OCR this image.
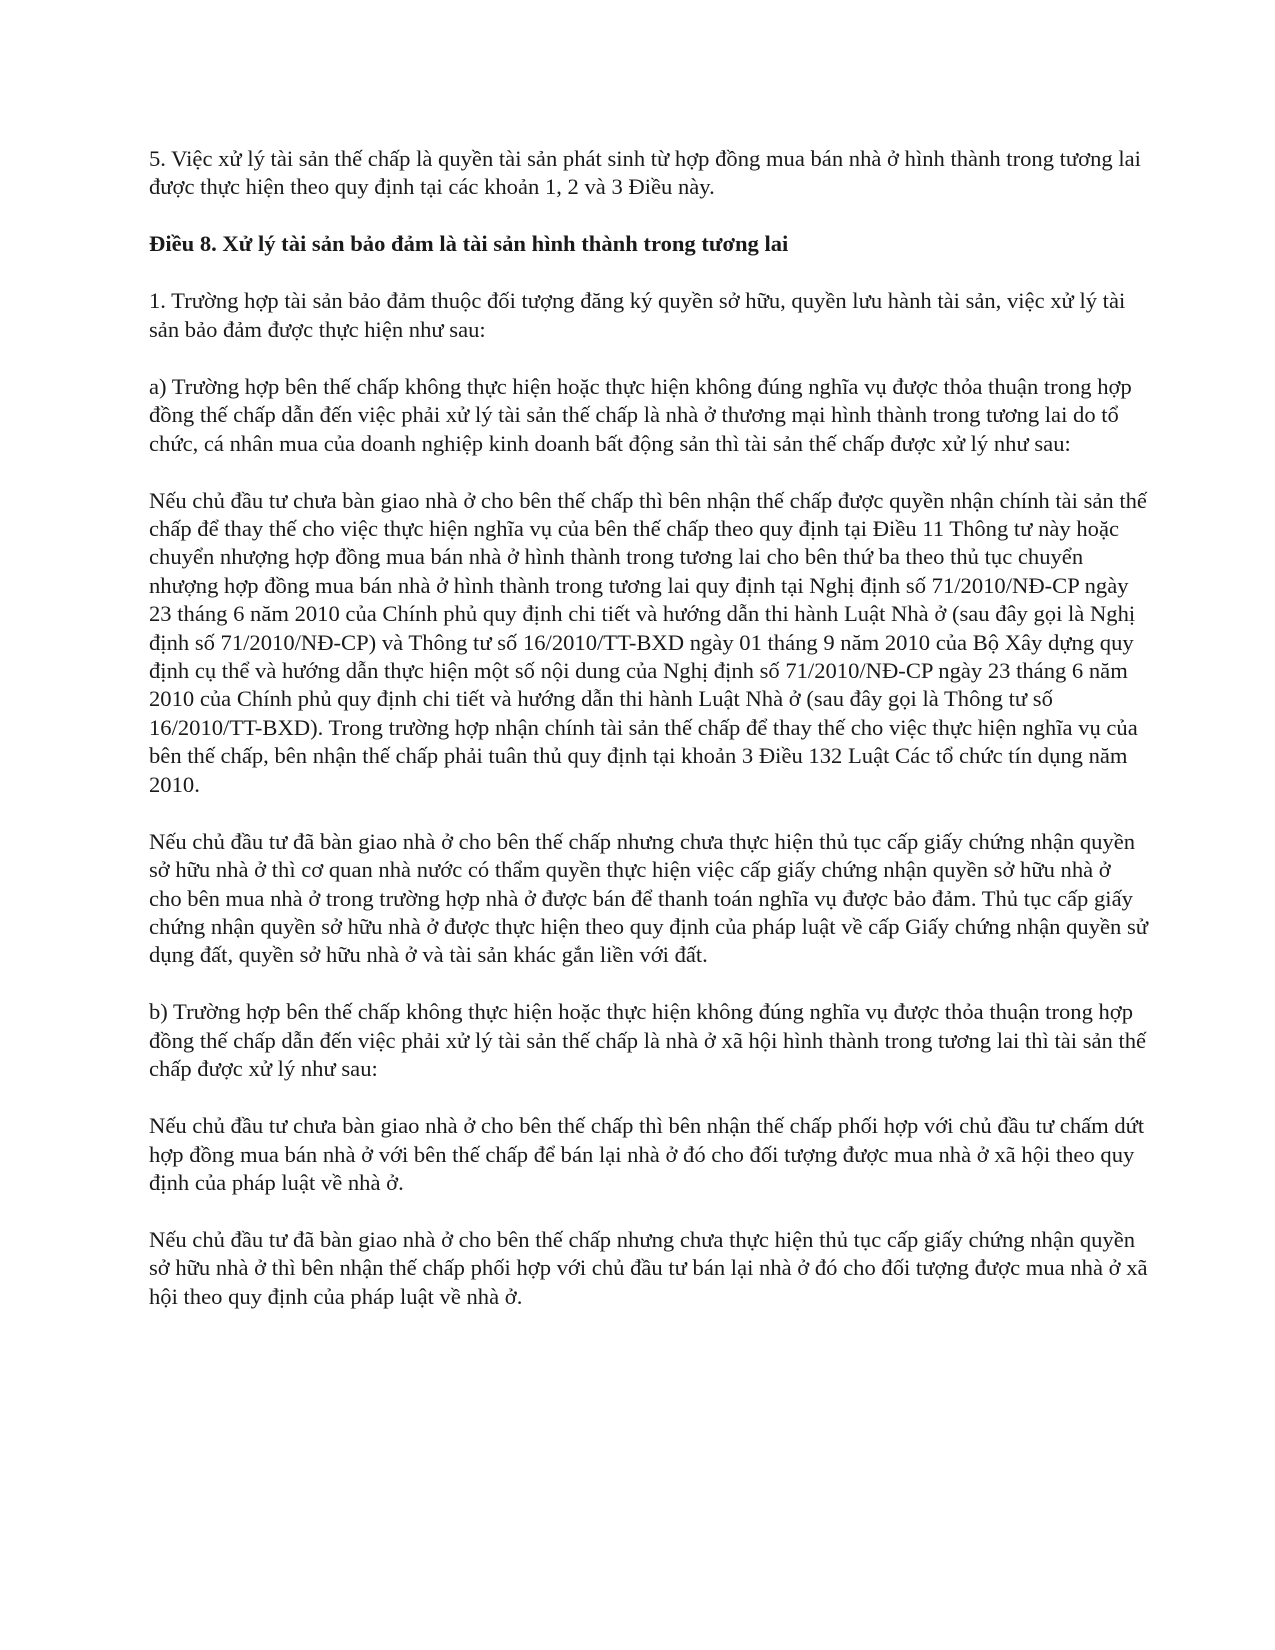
5. Việc xử lý tài sản thế chấp là quyền tài sản phát sinh từ hợp đồng mua bán nhà ở hình thành trong tương lai được thực hiện theo quy định tại các khoản 1, 2 và 3 Điều này.

Điều 8. Xử lý tài sản bảo đảm là tài sản hình thành trong tương lai

1. Trường hợp tài sản bảo đảm thuộc đối tượng đăng ký quyền sở hữu, quyền lưu hành tài sản, việc xử lý tài sản bảo đảm được thực hiện như sau:

a) Trường hợp bên thế chấp không thực hiện hoặc thực hiện không đúng nghĩa vụ được thỏa thuận trong hợp đồng thế chấp dẫn đến việc phải xử lý tài sản thế chấp là nhà ở thương mại hình thành trong tương lai do tổ chức, cá nhân mua của doanh nghiệp kinh doanh bất động sản thì tài sản thế chấp được xử lý như sau:

Nếu chủ đầu tư chưa bàn giao nhà ở cho bên thế chấp thì bên nhận thế chấp được quyền nhận chính tài sản thế chấp để thay thế cho việc thực hiện nghĩa vụ của bên thế chấp theo quy định tại Điều 11 Thông tư này hoặc chuyển nhượng hợp đồng mua bán nhà ở hình thành trong tương lai cho bên thứ ba theo thủ tục chuyển nhượng hợp đồng mua bán nhà ở hình thành trong tương lai quy định tại Nghị định số 71/2010/NĐ-CP ngày 23 tháng 6 năm 2010 của Chính phủ quy định chi tiết và hướng dẫn thi hành Luật Nhà ở (sau đây gọi là Nghị định số 71/2010/NĐ-CP) và Thông tư số 16/2010/TT-BXD ngày 01 tháng 9 năm 2010 của Bộ Xây dựng quy định cụ thể và hướng dẫn thực hiện một số nội dung của Nghị định số 71/2010/NĐ-CP ngày 23 tháng 6 năm 2010 của Chính phủ quy định chi tiết và hướng dẫn thi hành Luật Nhà ở (sau đây gọi là Thông tư số 16/2010/TT-BXD). Trong trường hợp nhận chính tài sản thế chấp để thay thế cho việc thực hiện nghĩa vụ của bên thế chấp, bên nhận thế chấp phải tuân thủ quy định tại khoản 3 Điều 132 Luật Các tổ chức tín dụng năm 2010.

Nếu chủ đầu tư đã bàn giao nhà ở cho bên thế chấp nhưng chưa thực hiện thủ tục cấp giấy chứng nhận quyền sở hữu nhà ở thì cơ quan nhà nước có thẩm quyền thực hiện việc cấp giấy chứng nhận quyền sở hữu nhà ở cho bên mua nhà ở trong trường hợp nhà ở được bán để thanh toán nghĩa vụ được bảo đảm. Thủ tục cấp giấy chứng nhận quyền sở hữu nhà ở được thực hiện theo quy định của pháp luật về cấp Giấy chứng nhận quyền sử dụng đất, quyền sở hữu nhà ở và tài sản khác gắn liền với đất.

b) Trường hợp bên thế chấp không thực hiện hoặc thực hiện không đúng nghĩa vụ được thỏa thuận trong hợp đồng thế chấp dẫn đến việc phải xử lý tài sản thế chấp là nhà ở xã hội hình thành trong tương lai thì tài sản thế chấp được xử lý như sau:

Nếu chủ đầu tư chưa bàn giao nhà ở cho bên thế chấp thì bên nhận thế chấp phối hợp với chủ đầu tư chấm dứt hợp đồng mua bán nhà ở với bên thế chấp để bán lại nhà ở đó cho đối tượng được mua nhà ở xã hội theo quy định của pháp luật về nhà ở.

Nếu chủ đầu tư đã bàn giao nhà ở cho bên thế chấp nhưng chưa thực hiện thủ tục cấp giấy chứng nhận quyền sở hữu nhà ở thì bên nhận thế chấp phối hợp với chủ đầu tư bán lại nhà ở đó cho đối tượng được mua nhà ở xã hội theo quy định của pháp luật về nhà ở.
